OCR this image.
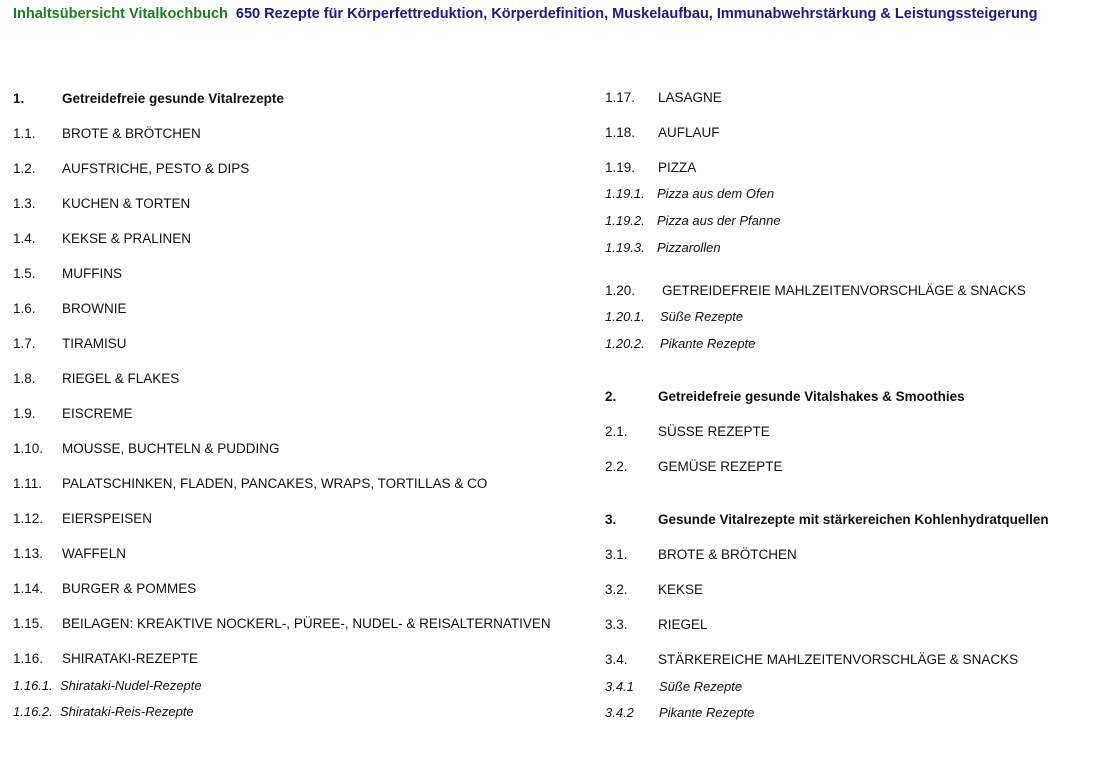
Inhaltsübersicht Vitalkochbuch 650 Rezepte für Körperfettreduktion, Körperdefinition, Muskelaufbau, Immunabwehrstärkung & Leistungssteigerung
1.	Getreidefreie gesunde Vitalrezepte
1.1. BROTE & BRÖTCHEN
1.2. AUFSTRICHE, PESTO & DIPS
1.3. KUCHEN & TORTEN
1.4. KEKSE & PRALINEN
1.5. MUFFINS
1.6. BROWNIE
1.7. TIRAMISU
1.8. RIEGEL & FLAKES
1.9. EISCREME
1.10. MOUSSE, BUCHTELN & PUDDING
1.11. PALATSCHINKEN, FLADEN, PANCAKES, WRAPS, TORTILLAS & CO
1.12. EIERSPEISEN
1.13. WAFFELN
1.14. BURGER & POMMES
1.15. BEILAGEN: KREAKTIVE NOCKERL-, PÜREE-, NUDEL- & REISALTERNATIVEN
1.16. SHIRATAKI-REZEPTE
1.16.1. Shirataki-Nudel-Rezepte
1.16.2. Shirataki-Reis-Rezepte
1.17. LASAGNE
1.18. AUFLAUF
1.19. PIZZA
1.19.1. Pizza aus dem Ofen
1.19.2. Pizza aus der Pfanne
1.19.3. Pizzarollen
1.20. GETREIDEFREIE MAHLZEITENVORSCHLÄGE & SNACKS
1.20.1. Süße Rezepte
1.20.2. Pikante Rezepte
2.	Getreidefreie gesunde Vitalshakes & Smoothies
2.1. SÜSSE REZEPTE
2.2. GEMÜSE REZEPTE
3.	Gesunde Vitalrezepte mit stärkereichen Kohlenhydratquellen
3.1. BROTE & BRÖTCHEN
3.2. KEKSE
3.3. RIEGEL
3.4. STÄRKEREICHE MAHLZEITENVORSCHLÄGE & SNACKS
3.4.1 Süße Rezepte
3.4.2 Pikante Rezepte
